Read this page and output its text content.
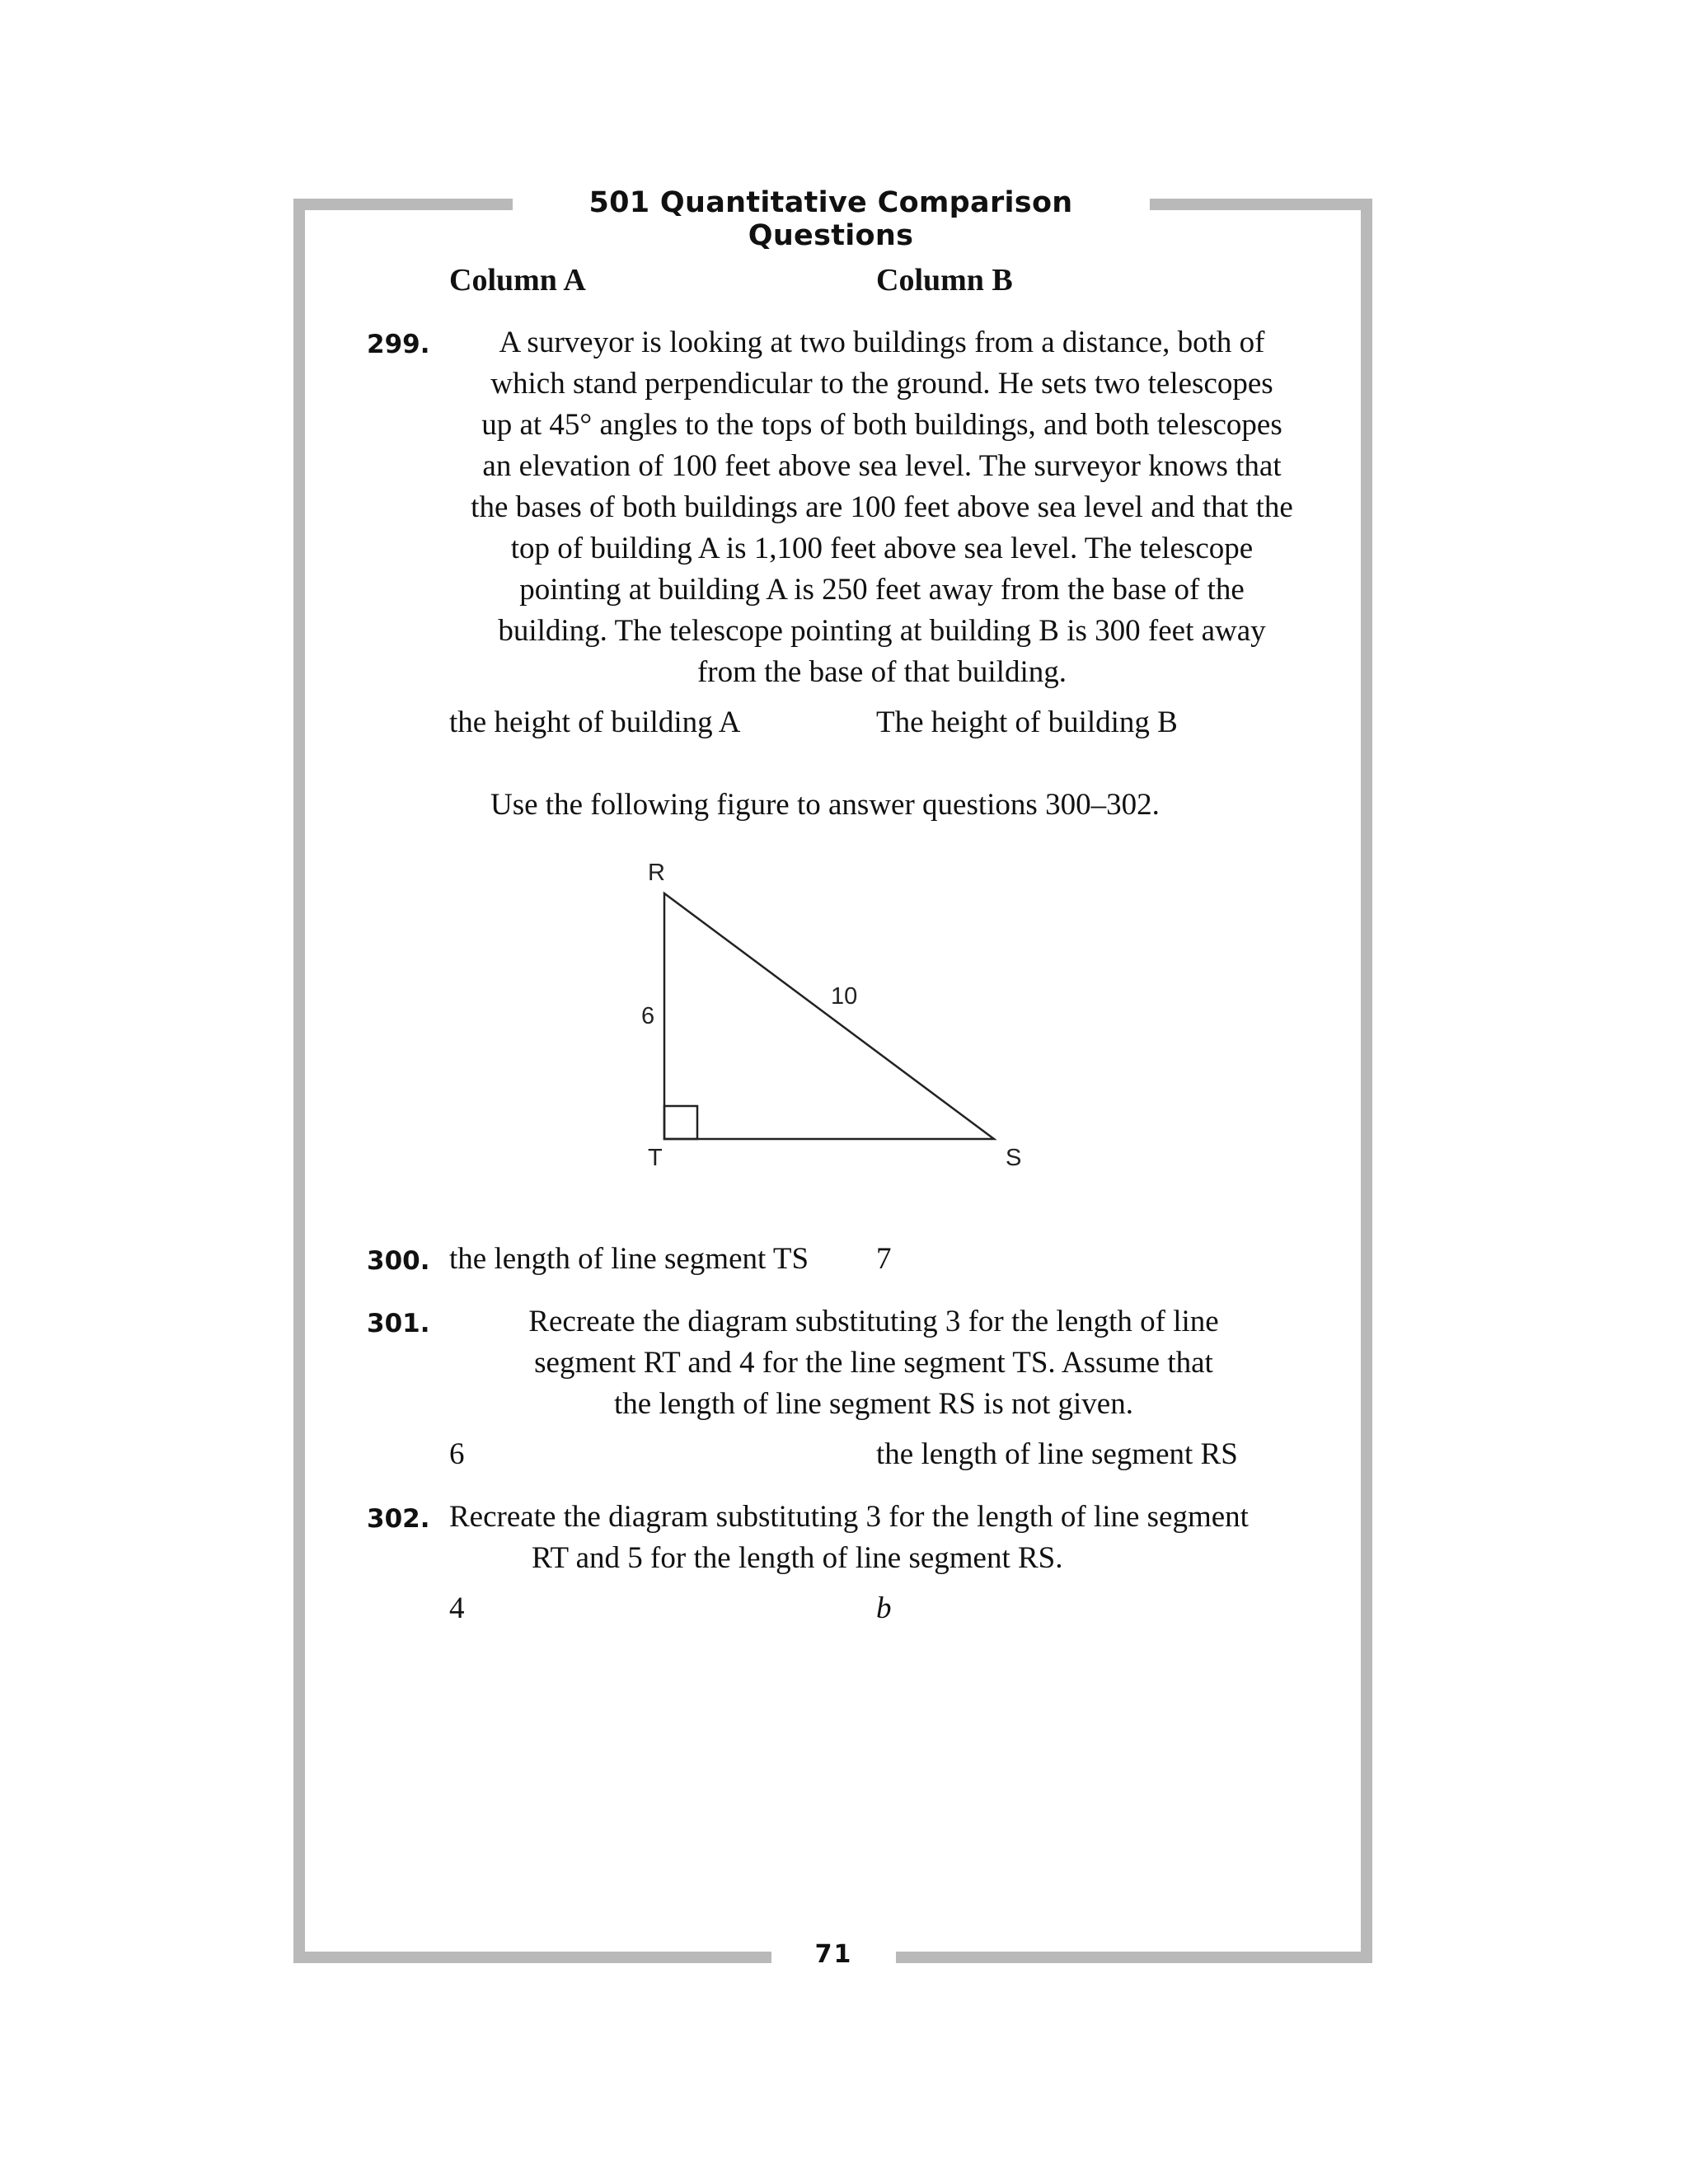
501 Quantitative Comparison Questions
Column A	Column B
299.	A surveyor is looking at two buildings from a distance, both of
which stand perpendicular to the ground. He sets two telescopes
up at 45° angles to the tops of both buildings, and both telescopes
an elevation of 100 feet above sea level. The surveyor knows that
the bases of both buildings are 100 feet above sea level and that the
top of building A is 1,100 feet above sea level. The telescope
pointing at building A is 250 feet away from the base of the
building. The telescope pointing at building B is 300 feet away
from the base of that building.
the height of building A	The height of building B
Use the following figure to answer questions 300–302.
R
T	S
6
10
300. the length of line segment TS 7
301.	Recreate the diagram substituting 3 for the length of line
segment RT and 4 for the line segment TS. Assume that
the length of line segment RS is not given.
6	the length of line segment RS
302. Recreate the diagram substituting 3 for the length of line segment
RT and 5 for the length of line segment RS.
4	b
71
